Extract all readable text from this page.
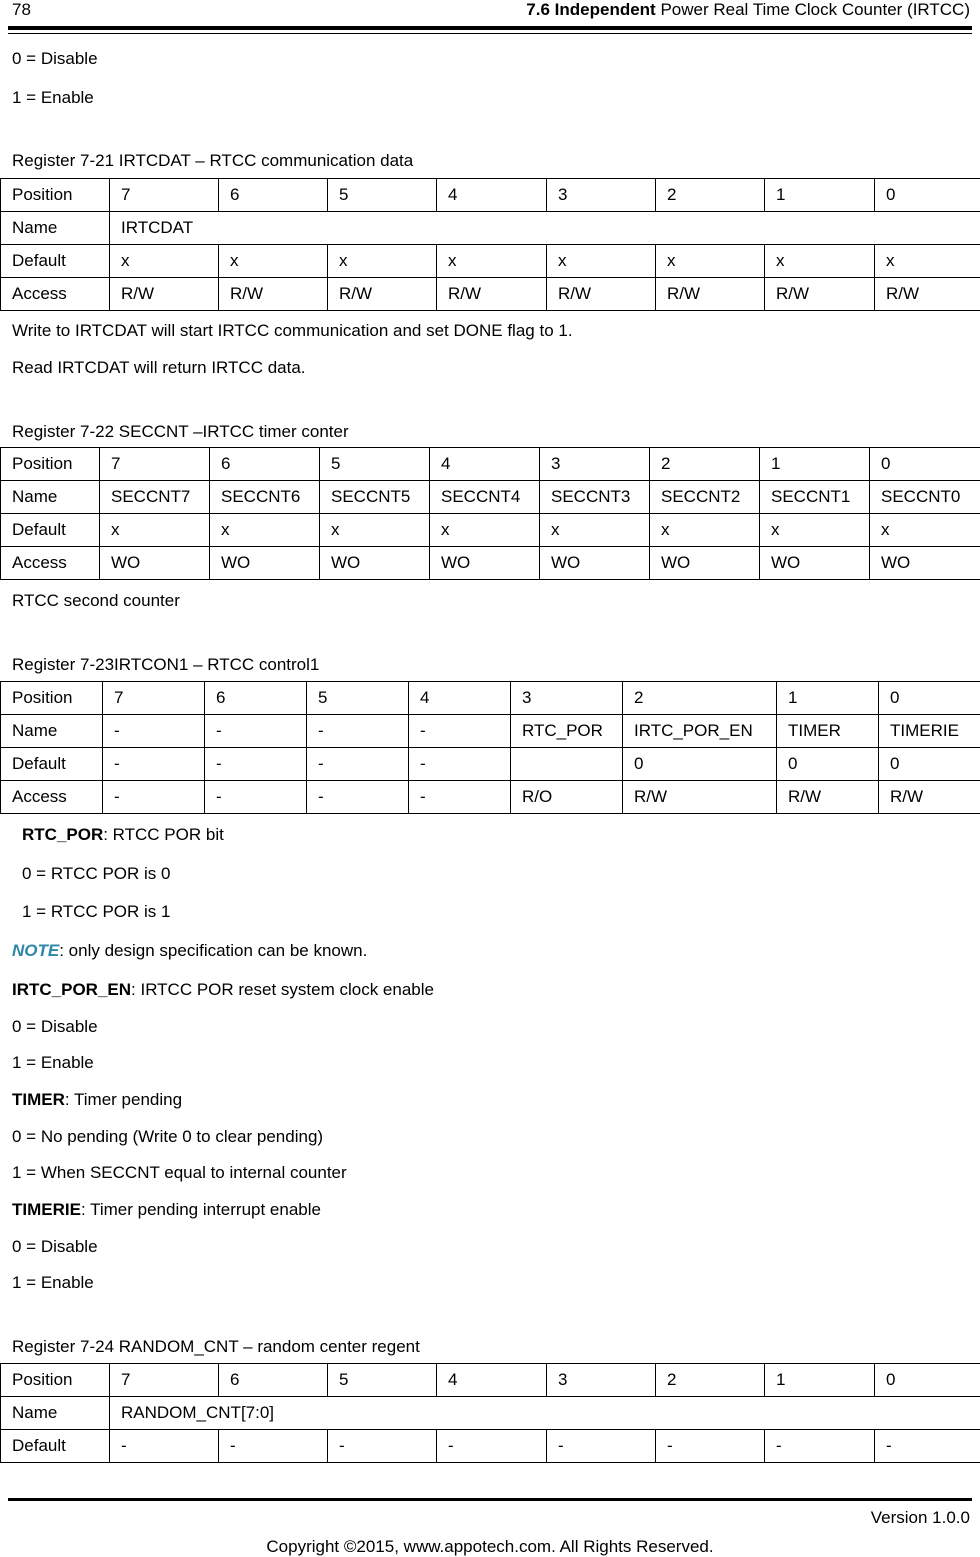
78	7.6 Independent Power Real Time Clock Counter (IRTCC)
0 = Disable
1 = Enable
Register 7-21 IRTCDAT – RTCC communication data
Position	7	6	5	4	3	2	1	0
Name	IRTCDAT							
Default	x	x	x	x	x	x	x	x
Access	R/W	R/W	R/W	R/W	R/W	R/W	R/W	R/W
Write to IRTCDAT will start IRTCC communication and set DONE flag to 1.
Read IRTCDAT will return IRTCC data.
Register 7-22 SECCNT –IRTCC timer conter
Position	7	6	5	4	3	2	1	0
Name	SECCNT7	SECCNT6	SECCNT5	SECCNT4	SECCNT3	SECCNT2	SECCNT1	SECCNT0
Default	x	x	x	x	x	x	x	x
Access	WO	WO	WO	WO	WO	WO	WO	WO
RTCC second counter
Register 7-23IRTCON1 – RTCC control1
Position	7	6	5	4	3	2	1	0
Name	-	-	-	-	RTC_POR	IRTC_POR_EN	TIMER	TIMERIE
Default	-	-	-	-		0	0	0
Access	-	-	-	-	R/O	R/W	R/W	R/W
RTC_POR: RTCC POR bit
0 = RTCC POR is 0
1 = RTCC POR is 1
NOTE: only design specification can be known.
IRTC_POR_EN: IRTCC POR reset system clock enable
0 = Disable
1 = Enable
TIMER: Timer pending
0 = No pending (Write 0 to clear pending)
1 = When SECCNT equal to internal counter
TIMERIE: Timer pending interrupt enable
0 = Disable
1 = Enable
Register 7-24 RANDOM_CNT – random center regent
Position	7	6	5	4	3	2	1	0
Name	RANDOM_CNT[7:0]							
Default	-	-	-	-	-	-	-	-
Version 1.0.0
Copyright ©2015, www.appotech.com. All Rights Reserved.
